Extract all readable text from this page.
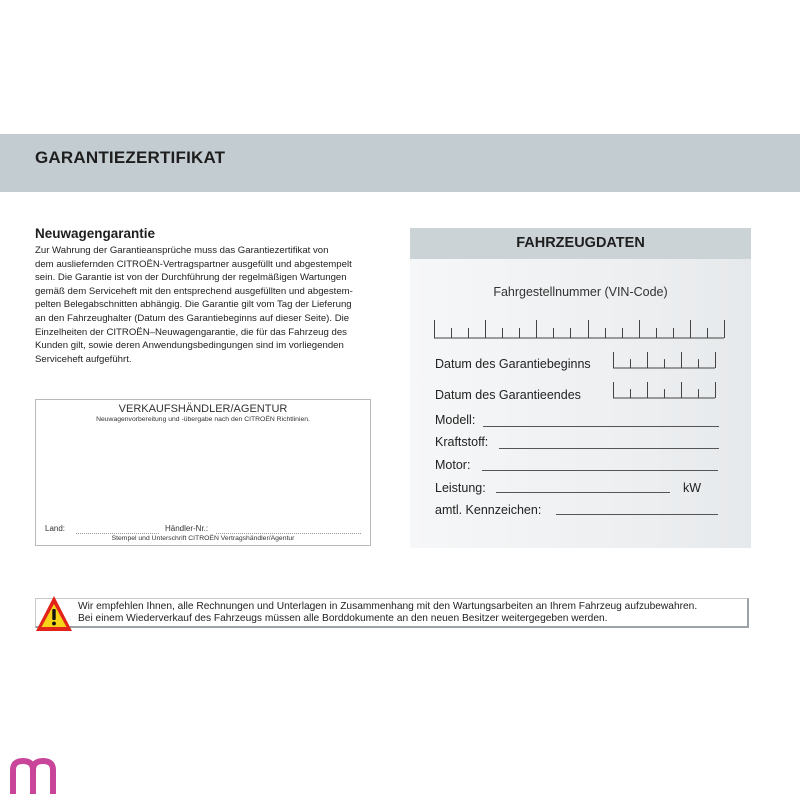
GARANTIEZERTIFIKAT
Neuwagengarantie
Zur Wahrung der Garantieansprüche muss das Garantiezertifikat von
dem ausliefernden CITROËN-Vertragspartner ausgefüllt und abgestempelt
sein. Die Garantie ist von der Durchführung der regelmäßigen Wartungen
gemäß dem Serviceheft mit den entsprechend ausgefüllten und abgestem-
pelten Belegabschnitten abhängig. Die Garantie gilt vom Tag der Lieferung
an den Fahrzeughalter (Datum des Garantiebeginns auf dieser Seite). Die
Einzelheiten der CITROËN–Neuwagengarantie, die für das Fahrzeug des
Kunden gilt, sowie deren Anwendungsbedingungen sind im vorliegenden
Serviceheft aufgeführt.
VERKAUFSHÄNDLER/AGENTUR
Neuwagenvorbereitung und -übergabe nach den CITROËN Richtlinien.
Land:	Händler-Nr.:
Stempel und Unterschrift CITROËN Vertragshändler/Agentur
FAHRZEUGDATEN
Fahrgestellnummer (VIN-Code)
Datum des Garantiebeginns
Datum des Garantieendes
Modell:
Kraftstoff:
Motor:
Leistung:	kW
amtl. Kennzeichen:
Wir empfehlen Ihnen, alle Rechnungen und Unterlagen in Zusammenhang mit den Wartungsarbeiten an Ihrem Fahrzeug aufzubewahren.
Bei einem Wiederverkauf des Fahrzeugs müssen alle Borddokumente an den neuen Besitzer weitergegeben werden.
